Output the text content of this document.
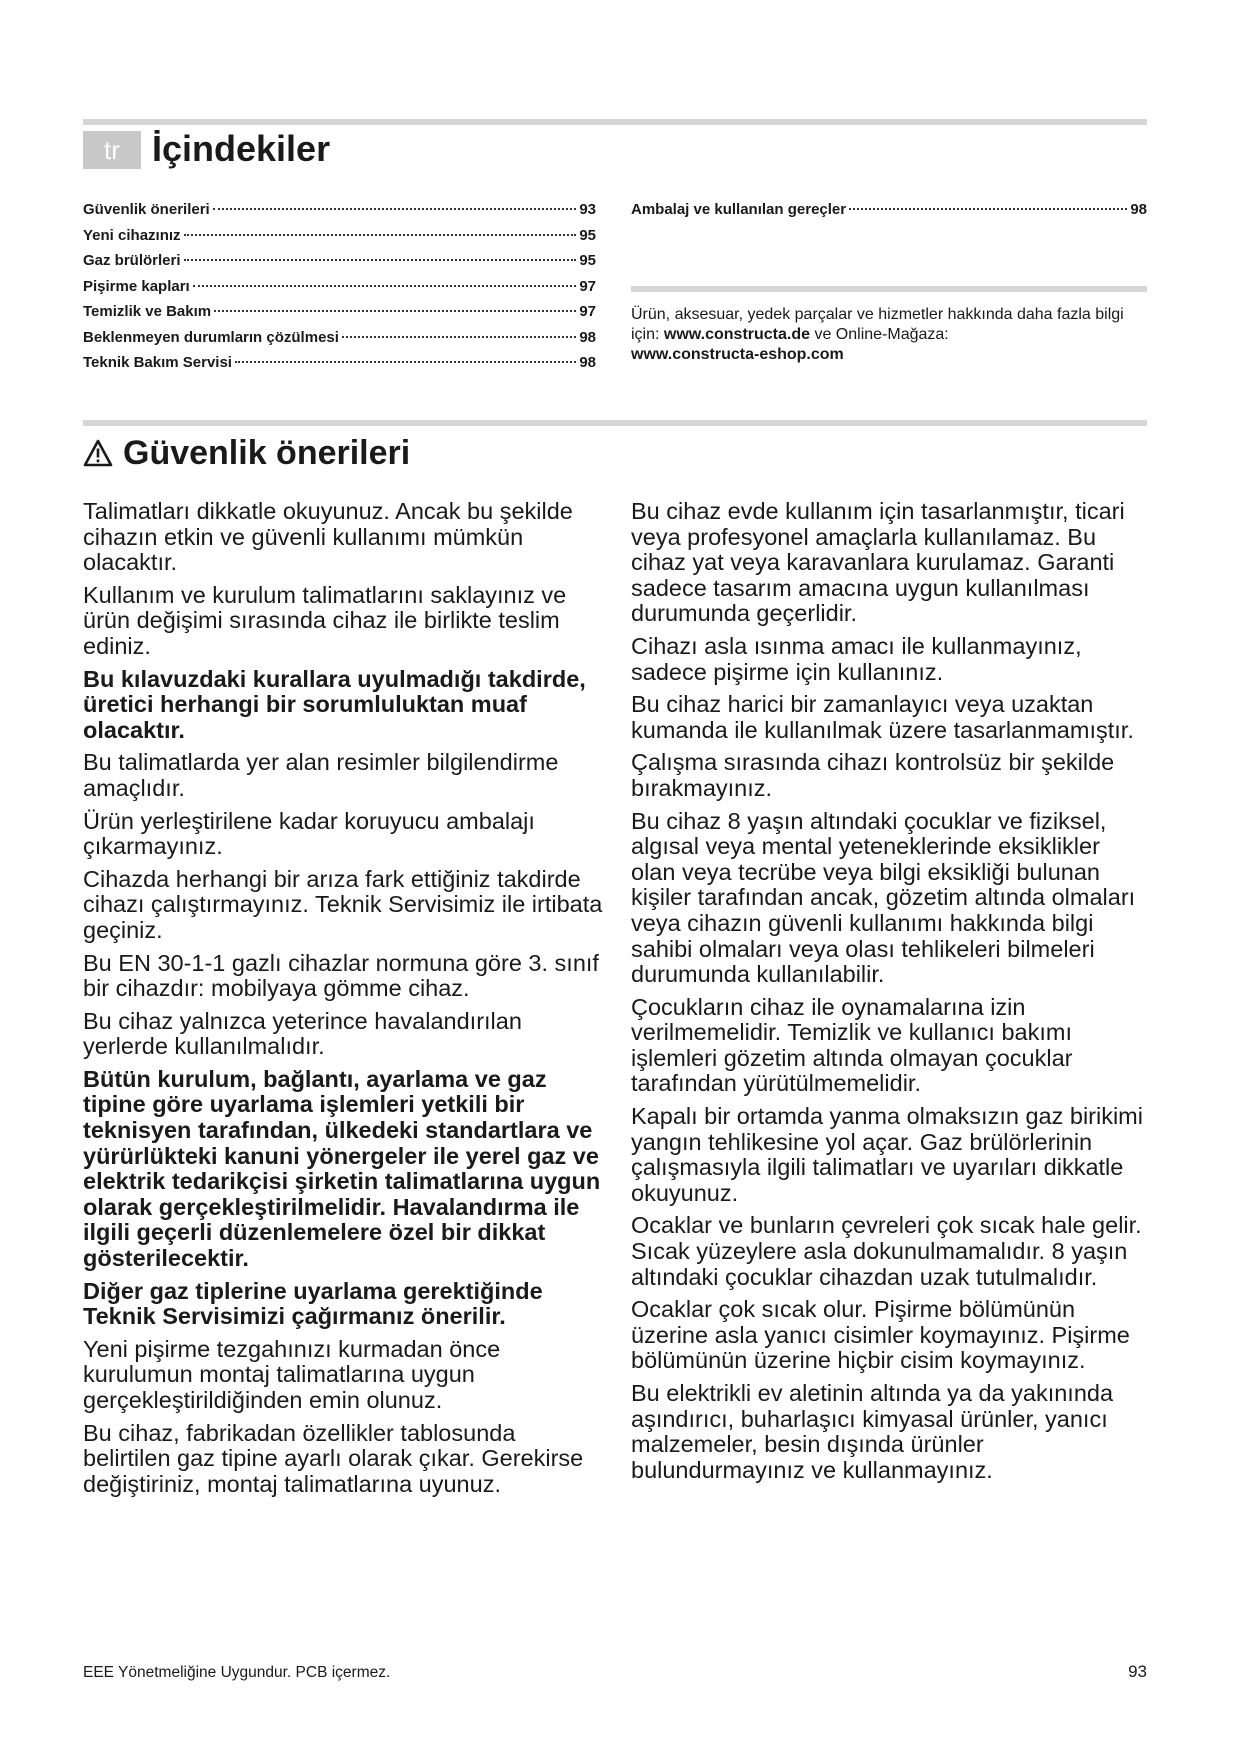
tr İçindekiler
Güvenlik önerileri	93
Yeni cihazınız	95
Gaz brülörleri	95
Pişirme kapları	97
Temizlik ve Bakım	97
Beklenmeyen durumların çözülmesi	98
Teknik Bakım Servisi	98
Ambalaj ve kullanılan gereçler	98

Ürün, aksesuar, yedek parçalar ve hizmetler hakkında daha fazla bilgi için: www.constructa.de ve Online-Mağaza:
www.constructa-eshop.com

Güvenlik önerileri

Talimatları dikkatle okuyunuz. Ancak bu şekilde cihazın etkin ve güvenli kullanımı mümkün olacaktır.

Kullanım ve kurulum talimatlarını saklayınız ve ürün değişimi sırasında cihaz ile birlikte teslim ediniz.

Bu kılavuzdaki kurallara uyulmadığı takdirde, üretici herhangi bir sorumluluktan muaf olacaktır.

Bu talimatlarda yer alan resimler bilgilendirme amaçlıdır.

Ürün yerleştirilene kadar koruyucu ambalajı çıkarmayınız.

Cihazda herhangi bir arıza fark ettiğiniz takdirde cihazı çalıştırmayınız. Teknik Servisimiz ile irtibata geçiniz.

Bu EN 30-1-1 gazlı cihazlar normuna göre 3. sınıf bir cihazdır: mobilyaya gömme cihaz.

Bu cihaz yalnızca yeterince havalandırılan yerlerde kullanılmalıdır.

Bütün kurulum, bağlantı, ayarlama ve gaz tipine göre uyarlama işlemleri yetkili bir teknisyen tarafından, ülkedeki standartlara ve yürürlükteki kanuni yönergeler ile yerel gaz ve elektrik tedarikçisi şirketin talimatlarına uygun olarak gerçekleştirilmelidir. Havalandırma ile ilgili geçerli düzenlemelere özel bir dikkat gösterilecektir.

Diğer gaz tiplerine uyarlama gerektiğinde Teknik Servisimizi çağırmanız önerilir.

Yeni pişirme tezgahınızı kurmadan önce kurulumun montaj talimatlarına uygun gerçekleştirildiğinden emin olunuz.

Bu cihaz, fabrikadan özellikler tablosunda belirtilen gaz tipine ayarlı olarak çıkar. Gerekirse değiştiriniz, montaj talimatlarına uyunuz.

Bu cihaz evde kullanım için tasarlanmıştır, ticari veya profesyonel amaçlarla kullanılamaz. Bu cihaz yat veya karavanlara kurulamaz. Garanti sadece tasarım amacına uygun kullanılması durumunda geçerlidir.

Cihazı asla ısınma amacı ile kullanmayınız, sadece pişirme için kullanınız.

Bu cihaz harici bir zamanlayıcı veya uzaktan kumanda ile kullanılmak üzere tasarlanmamıştır.

Çalışma sırasında cihazı kontrolsüz bir şekilde bırakmayınız.

Bu cihaz 8 yaşın altındaki çocuklar ve fiziksel, algısal veya mental yeteneklerinde eksiklikler olan veya tecrübe veya bilgi eksikliği bulunan kişiler tarafından ancak, gözetim altında olmaları veya cihazın güvenli kullanımı hakkında bilgi sahibi olmaları veya olası tehlikeleri bilmeleri durumunda kullanılabilir.

Çocukların cihaz ile oynamalarına izin verilmemelidir. Temizlik ve kullanıcı bakımı işlemleri gözetim altında olmayan çocuklar tarafından yürütülmemelidir.

Kapalı bir ortamda yanma olmaksızın gaz birikimi yangın tehlikesine yol açar. Gaz brülörlerinin çalışmasıyla ilgili talimatları ve uyarıları dikkatle okuyunuz.

Ocaklar ve bunların çevreleri çok sıcak hale gelir. Sıcak yüzeylere asla dokunulmamalıdır. 8 yaşın altındaki çocuklar cihazdan uzak tutulmalıdır.

Ocaklar çok sıcak olur. Pişirme bölümünün üzerine asla yanıcı cisimler koymayınız. Pişirme bölümünün üzerine hiçbir cisim koymayınız.

Bu elektrikli ev aletinin altında ya da yakınında aşındırıcı, buharlaşıcı kimyasal ürünler, yanıcı malzemeler, besin dışında ürünler bulundurmayınız ve kullanmayınız.

EEE Yönetmeliğine Uygundur. PCB içermez.	93
